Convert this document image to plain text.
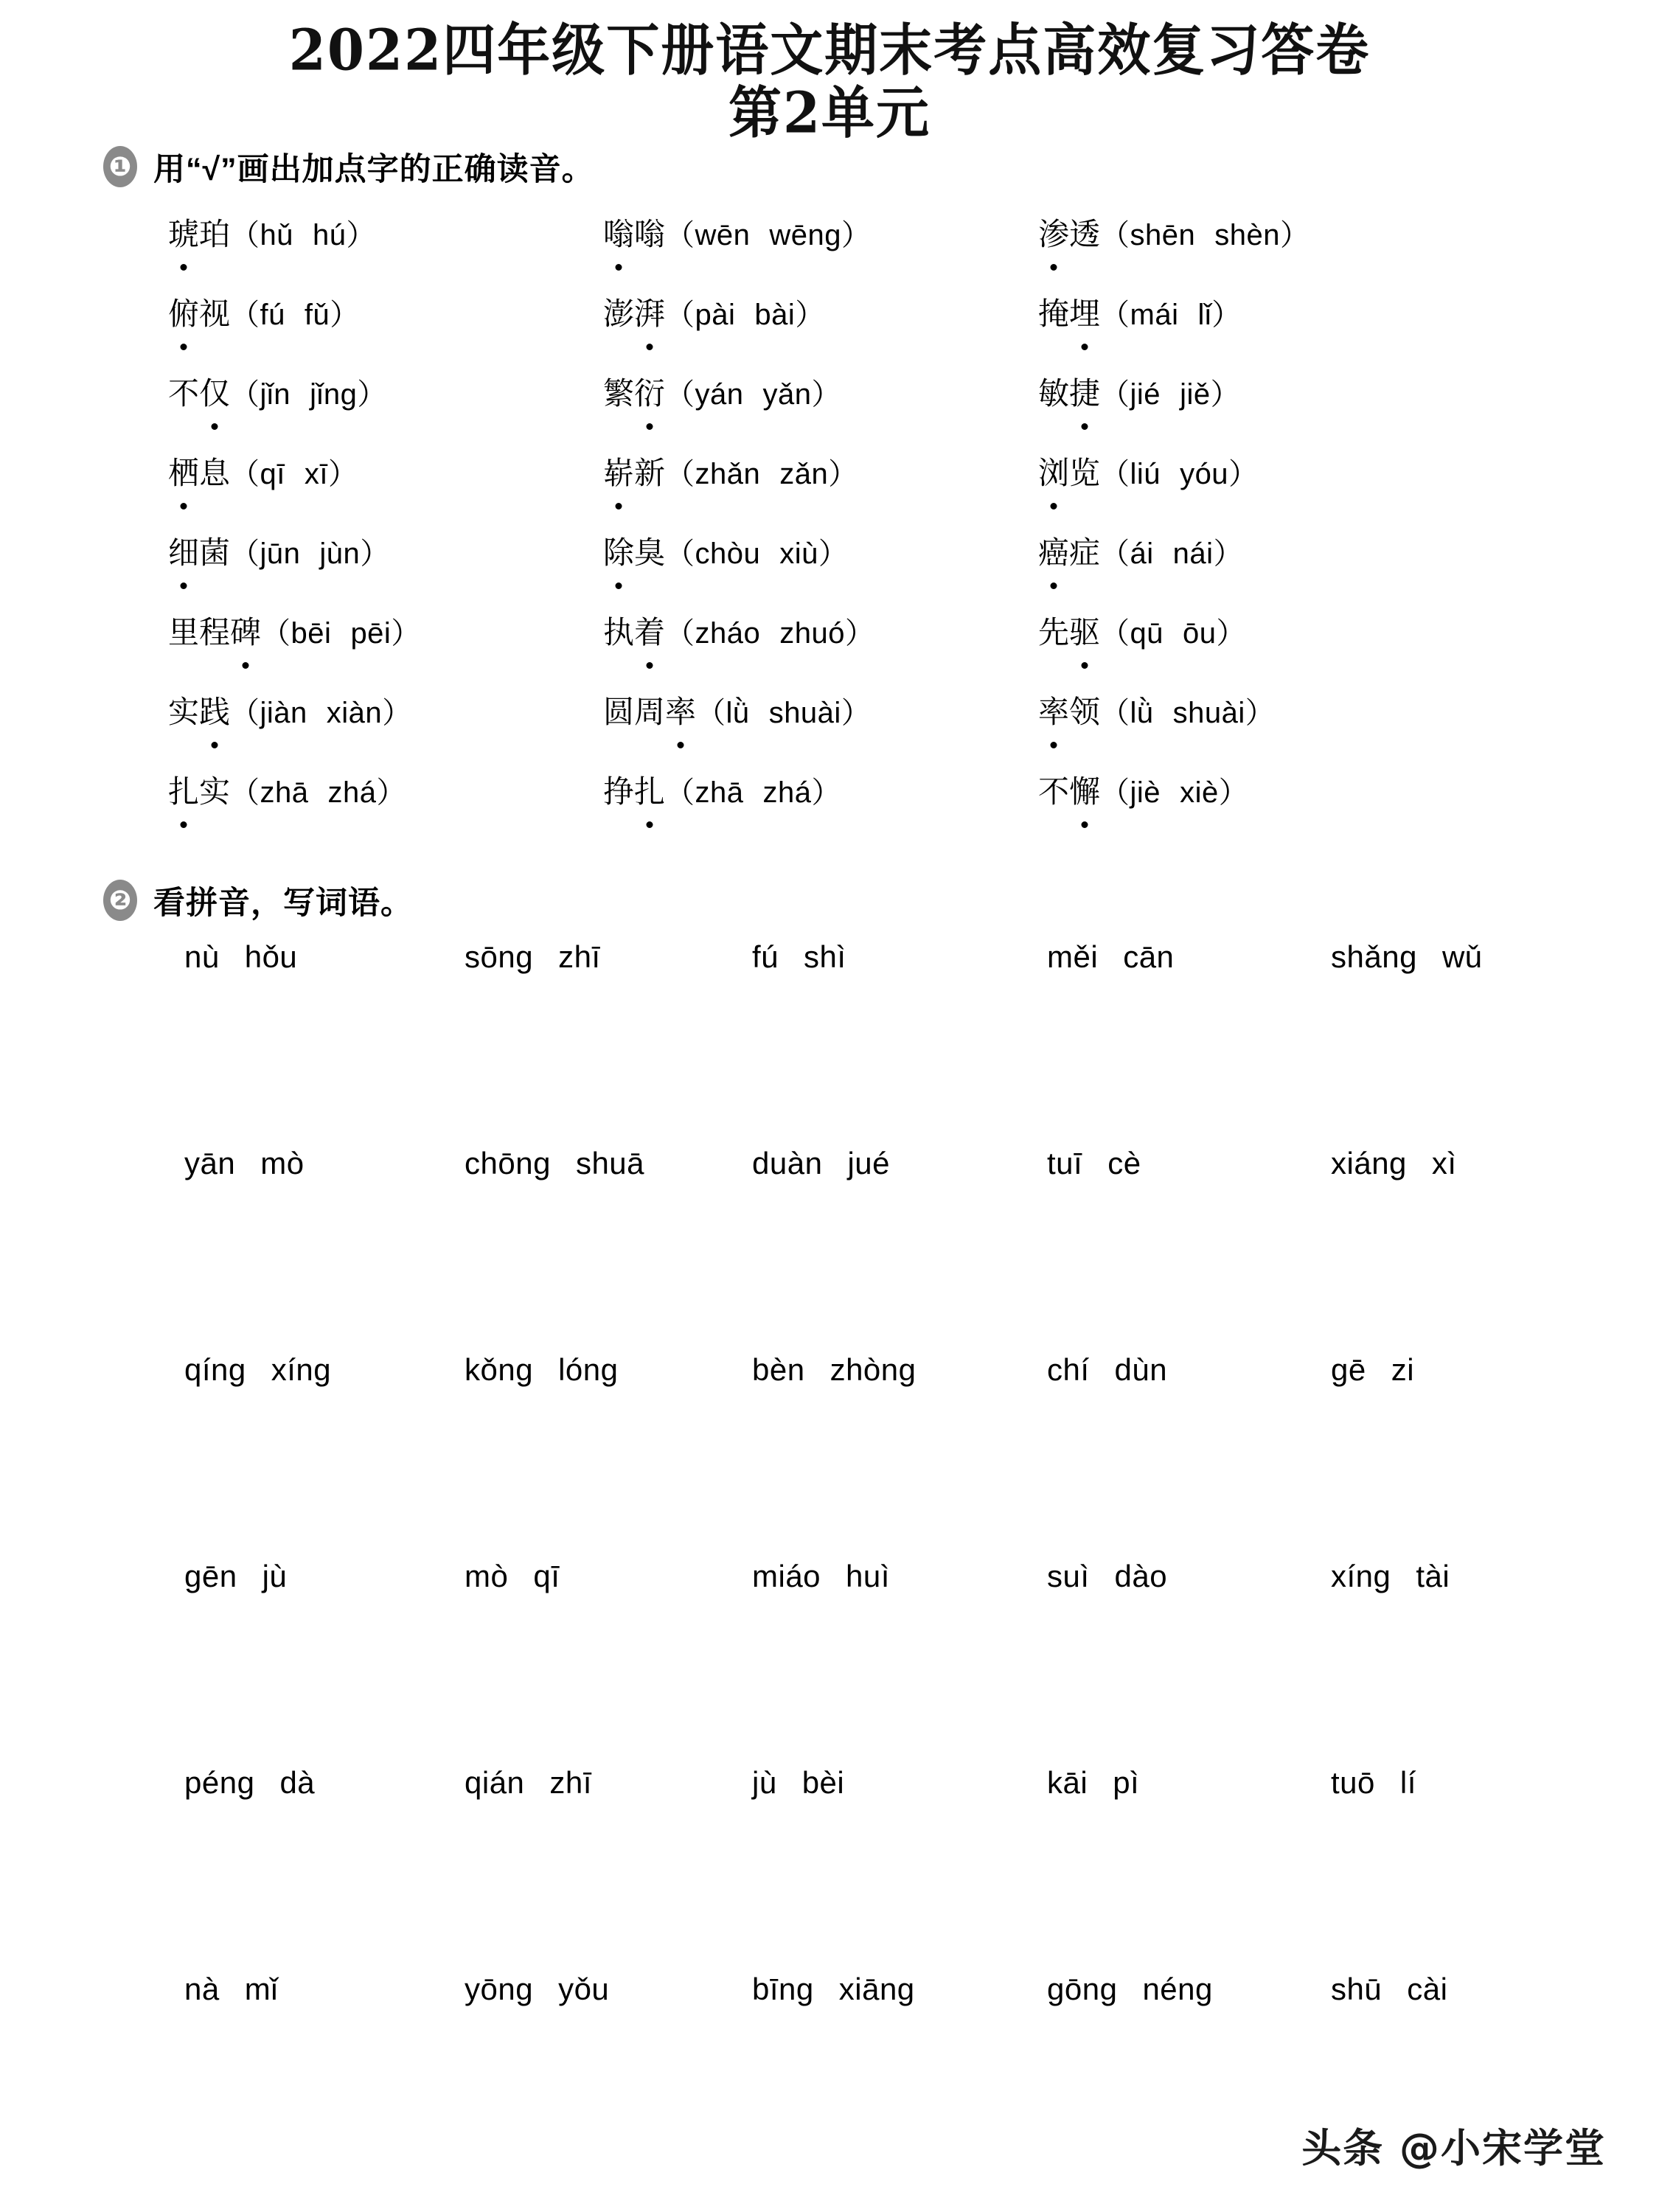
2022四年级下册语文期末考点高效复习答卷
第2单元
❶ 用“√”画出加点字的正确读音。
琥珀（hǔ hú）	嗡嗡（wēn wēng）	渗透（shēn shèn）
俯视（fú fǔ）	澎湃（pài bài）	掩埋（mái lǐ）
不仅（jǐn jǐng）	繁衍（yán yǎn）	敏捷（jié jiě）
栖息（qī xī）	崭新（zhǎn zǎn）	浏览（liú yóu）
细菌（jūn jùn）	除臭（chòu xiù）	癌症（ái nái）
里程碑（bēi pēi）	执着（zháo zhuó）	先驱（qū ōu）
实践（jiàn xiàn）	圆周率（lǜ shuài）	率领（lǜ shuài）
扎实（zhā zhá）	挣扎（zhā zhá）	不懈（jiè xiè）
❷ 看拼音，写词语。
nù hǒu	sōng zhī	fú shì	měi cān	shǎng wǔ
yān mò	chōng shuā	duàn jué	tuī cè	xiáng xì
qíng xíng	kǒng lóng	bèn zhòng	chí dùn	gē zi
gēn jù	mò qī	miáo huì	suì dào	xíng tài
péng dà	qián zhī	jù bèi	kāi pì	tuō lí
nà mǐ	yōng yǒu	bīng xiāng	gōng néng	shū cài
头条 @小宋学堂
